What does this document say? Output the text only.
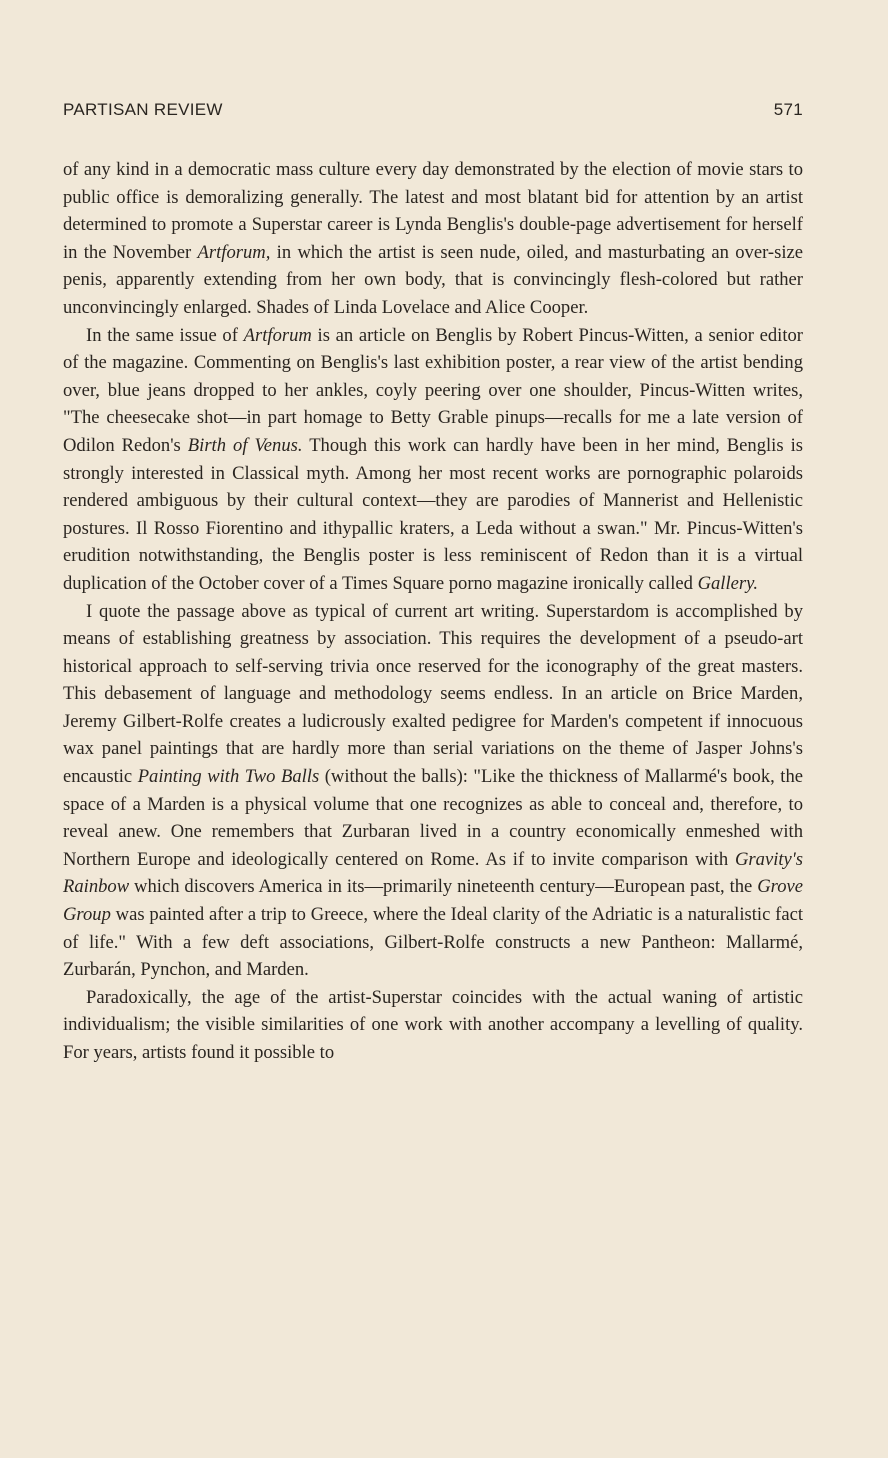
PARTISAN REVIEW	571

of any kind in a democratic mass culture every day demonstrated by the election of movie stars to public office is demoralizing generally. The latest and most blatant bid for attention by an artist determined to promote a Superstar career is Lynda Benglis's double-page advertisement for herself in the November Artforum, in which the artist is seen nude, oiled, and masturbating an over-size penis, apparently extending from her own body, that is convincingly flesh-colored but rather unconvincingly enlarged. Shades of Linda Lovelace and Alice Cooper.

In the same issue of Artforum is an article on Benglis by Robert Pincus-Witten, a senior editor of the magazine. Commenting on Benglis's last exhibition poster, a rear view of the artist bending over, blue jeans dropped to her ankles, coyly peering over one shoulder, Pincus-Witten writes, "The cheesecake shot—in part homage to Betty Grable pinups—recalls for me a late version of Odilon Redon's Birth of Venus. Though this work can hardly have been in her mind, Benglis is strongly interested in Classical myth. Among her most recent works are pornographic polaroids rendered ambiguous by their cultural context—they are parodies of Mannerist and Hellenistic postures. Il Rosso Fiorentino and ithypallic kraters, a Leda without a swan." Mr. Pincus-Witten's erudition notwithstanding, the Benglis poster is less reminiscent of Redon than it is a virtual duplication of the October cover of a Times Square porno magazine ironically called Gallery.

I quote the passage above as typical of current art writing. Superstardom is accomplished by means of establishing greatness by association. This requires the development of a pseudo-art historical approach to self-serving trivia once reserved for the iconography of the great masters. This debasement of language and methodology seems endless. In an article on Brice Marden, Jeremy Gilbert-Rolfe creates a ludicrously exalted pedigree for Marden's competent if innocuous wax panel paintings that are hardly more than serial variations on the theme of Jasper Johns's encaustic Painting with Two Balls (without the balls): "Like the thickness of Mallarmé's book, the space of a Marden is a physical volume that one recognizes as able to conceal and, therefore, to reveal anew. One remembers that Zurbaran lived in a country economically enmeshed with Northern Europe and ideologically centered on Rome. As if to invite comparison with Gravity's Rainbow which discovers America in its—primarily nineteenth century—European past, the Grove Group was painted after a trip to Greece, where the Ideal clarity of the Adriatic is a naturalistic fact of life." With a few deft associations, Gilbert-Rolfe constructs a new Pantheon: Mallarmé, Zurbarán, Pynchon, and Marden.

Paradoxically, the age of the artist-Superstar coincides with the actual waning of artistic individualism; the visible similarities of one work with another accompany a levelling of quality. For years, artists found it possible to
